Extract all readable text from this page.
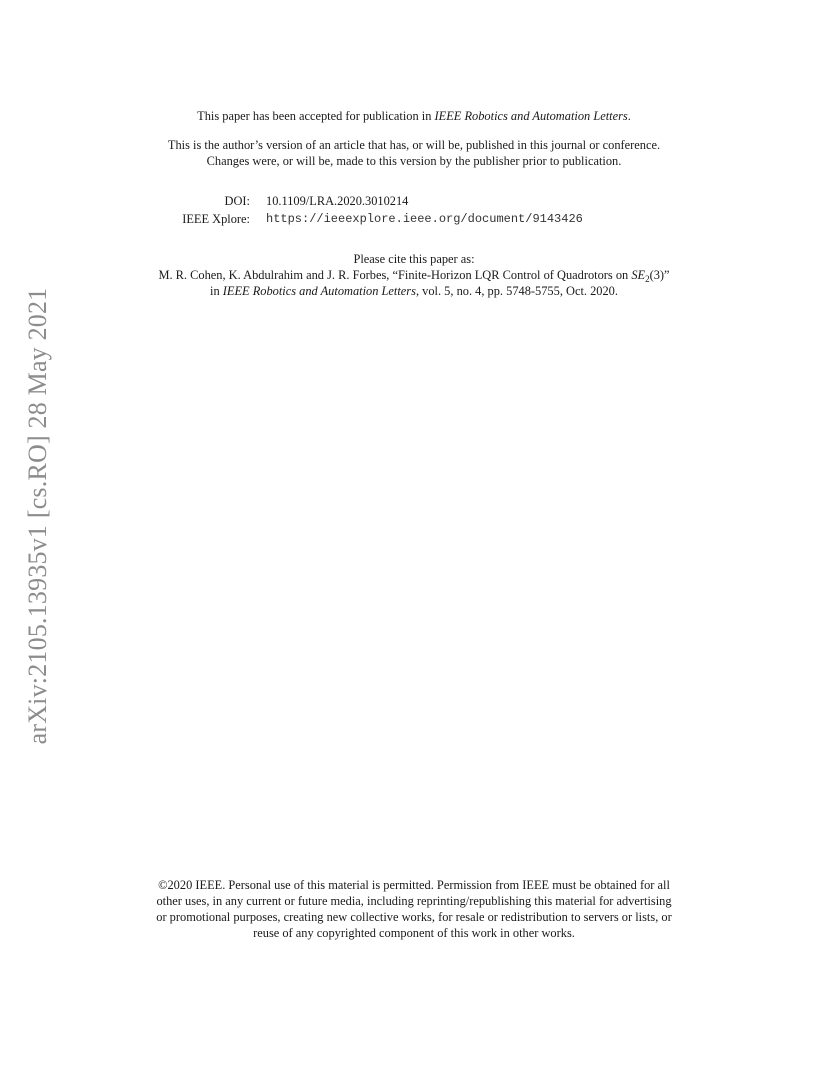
arXiv:2105.13935v1 [cs.RO] 28 May 2021
This paper has been accepted for publication in IEEE Robotics and Automation Letters.
This is the author’s version of an article that has, or will be, published in this journal or conference.
Changes were, or will be, made to this version by the publisher prior to publication.
DOI:	10.1109/LRA.2020.3010214
IEEE Xplore:	https://ieeexplore.ieee.org/document/9143426
Please cite this paper as:
M. R. Cohen, K. Abdulrahim and J. R. Forbes, “Finite-Horizon LQR Control of Quadrotors on $SE_2(3)$”
in IEEE Robotics and Automation Letters, vol. 5, no. 4, pp. 5748-5755, Oct. 2020.
©2020 IEEE. Personal use of this material is permitted. Permission from IEEE must be obtained for all
other uses, in any current or future media, including reprinting/republishing this material for advertising
or promotional purposes, creating new collective works, for resale or redistribution to servers or lists, or
reuse of any copyrighted component of this work in other works.
